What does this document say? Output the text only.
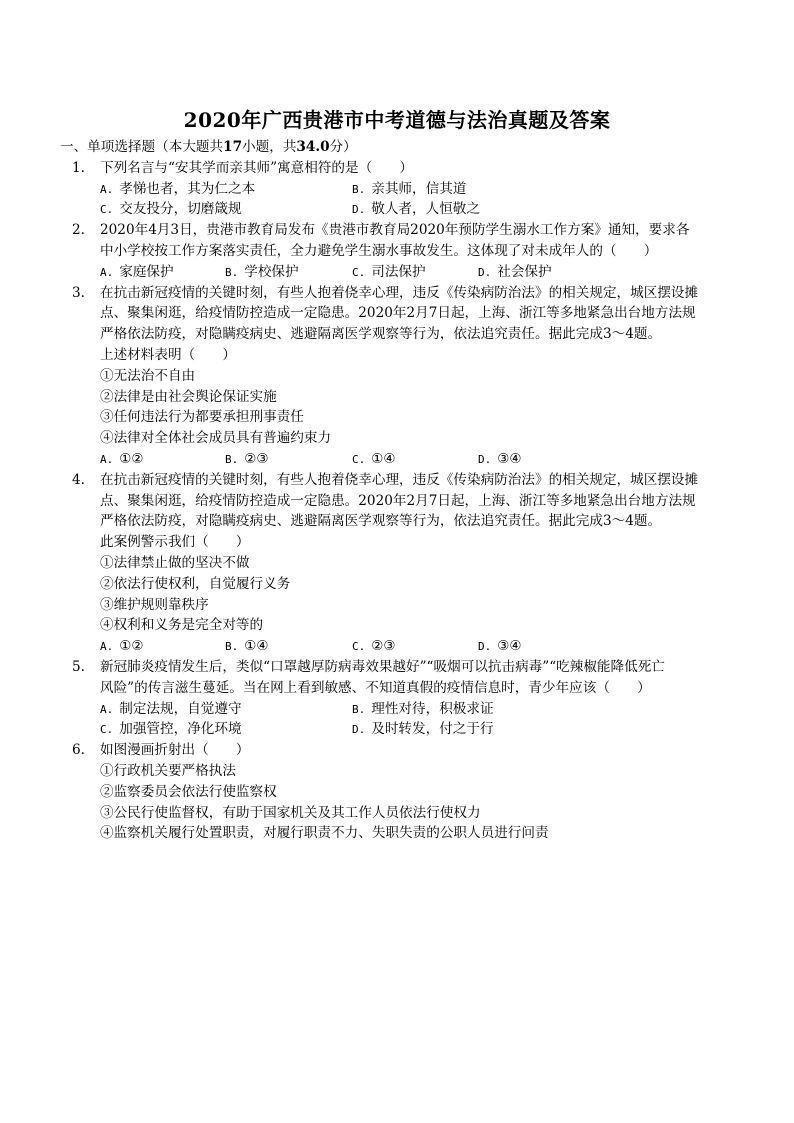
2020年广西贵港市中考道德与法治真题及答案
一、单项选择题（本大题共17小题，共34.0分）
1. 下列名言与“安其学而亲其师”寓意相符的是（　　）
A. 孝悌也者，其为仁之本	B. 亲其师，信其道
C. 交友投分，切磨箴规	D. 敬人者，人恒敬之
2. 2020年4月3日，贵港市教育局发布《贵港市教育局2020年预防学生溺水工作方案》通知，要求各
中小学校按工作方案落实责任，全力避免学生溺水事故发生。这体现了对未成年人的（　　）
A. 家庭保护	B. 学校保护	C. 司法保护	D. 社会保护
3. 在抗击新冠疫情的关键时刻，有些人抱着侥幸心理，违反《传染病防治法》的相关规定，城区摆设摊
点、聚集闲逛，给疫情防控造成一定隐患。2020年2月7日起，上海、浙江等多地紧急出台地方法规
严格依法防疫，对隐瞒疫病史、逃避隔离医学观察等行为，依法追究责任。据此完成3～4题。
上述材料表明（　　）
①无法治不自由
②法律是由社会舆论保证实施
③任何违法行为都要承担刑事责任
④法律对全体社会成员具有普遍约束力
A. ①②	B. ②③	C. ①④	D. ③④
4. 在抗击新冠疫情的关键时刻，有些人抱着侥幸心理，违反《传染病防治法》的相关规定，城区摆设摊
点、聚集闲逛，给疫情防控造成一定隐患。2020年2月7日起，上海、浙江等多地紧急出台地方法规
严格依法防疫，对隐瞒疫病史、逃避隔离医学观察等行为，依法追究责任。据此完成3～4题。
此案例警示我们（　　）
①法律禁止做的坚决不做
②依法行使权利，自觉履行义务
③维护规则靠秩序
④权利和义务是完全对等的
A. ①②	B. ①④	C. ②③	D. ③④
5. 新冠肺炎疫情发生后，类似“口罩越厚防病毒效果越好”“吸烟可以抗击病毒”“吃辣椒能降低死亡
风险”的传言滋生蔓延。当在网上看到敏感、不知道真假的疫情信息时，青少年应该（　　）
A. 制定法规，自觉遵守	B. 理性对待，积极求证
C. 加强管控，净化环境	D. 及时转发，付之于行
6. 如图漫画折射出（　　）
①行政机关要严格执法
②监察委员会依法行使监察权
③公民行使监督权，有助于国家机关及其工作人员依法行使权力
④监察机关履行处置职责，对履行职责不力、失职失责的公职人员进行问责
